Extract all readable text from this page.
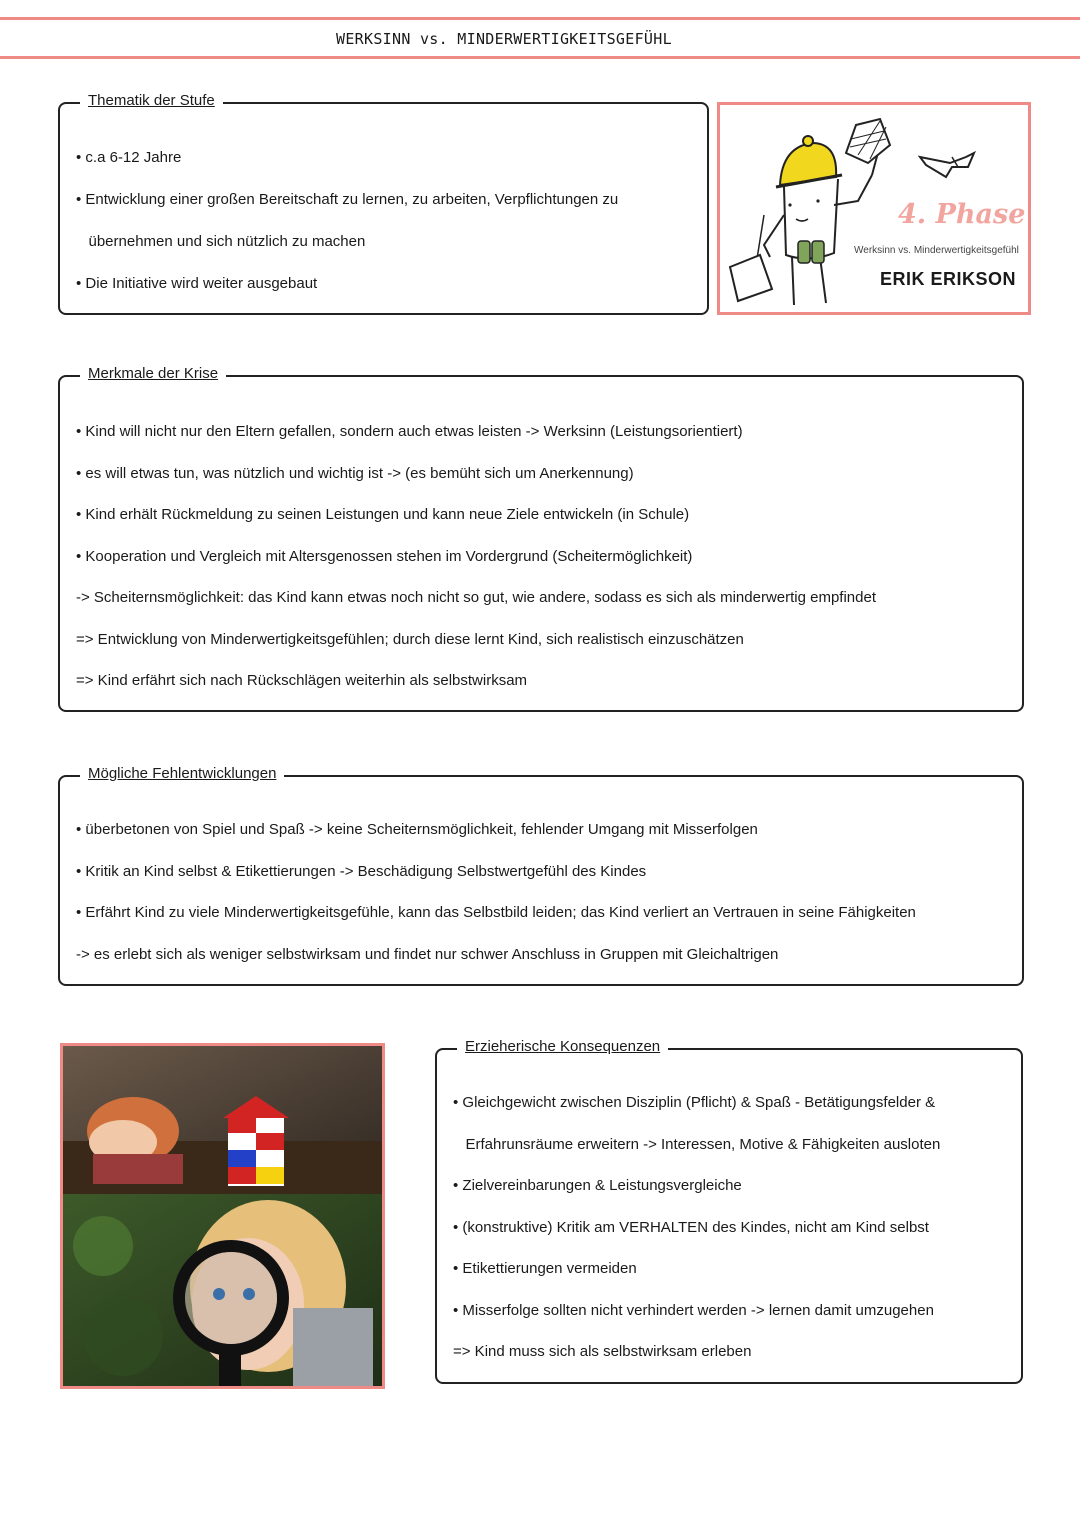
WERKSINN vs. MINDERWERTIGKEITSGEFÜHL
Thematik der Stufe
• c.a 6-12 Jahre
• Entwicklung einer großen Bereitschaft zu lernen, zu arbeiten, Verpflichtungen zu
übernehmen und sich nützlich zu machen
• Die Initiative wird weiter ausgebaut
4. Phase
Werksinn vs. Minderwertigkeitsgefühl
ERIK ERIKSON
Merkmale der Krise
• Kind will nicht nur den Eltern gefallen, sondern auch etwas leisten -> Werksinn (Leistungsorientiert)
• es will etwas tun, was nützlich und wichtig ist -> (es bemüht sich um Anerkennung)
• Kind erhält Rückmeldung zu seinen Leistungen und kann neue Ziele entwickeln (in Schule)
• Kooperation und Vergleich mit Altersgenossen stehen im Vordergrund (Scheitermöglichkeit)
-> Scheiternsmöglichkeit: das Kind kann etwas noch nicht so gut, wie andere, sodass es sich als minderwertig empfindet
=> Entwicklung von Minderwertigkeitsgefühlen; durch diese lernt Kind, sich realistisch einzuschätzen
=> Kind erfährt sich nach Rückschlägen weiterhin als selbstwirksam
Mögliche Fehlentwicklungen
• überbetonen von Spiel und Spaß -> keine Scheiternsmöglichkeit, fehlender Umgang mit Misserfolgen
• Kritik an Kind selbst & Etikettierungen -> Beschädigung Selbstwertgefühl des Kindes
• Erfährt Kind zu viele Minderwertigkeitsgefühle, kann das Selbstbild leiden; das Kind verliert an Vertrauen in seine Fähigkeiten
-> es erlebt sich als weniger selbstwirksam und findet nur schwer Anschluss in Gruppen mit Gleichaltrigen
Erzieherische Konsequenzen
• Gleichgewicht zwischen Disziplin (Pflicht) & Spaß - Betätigungsfelder &
Erfahrunsräume erweitern -> Interessen, Motive & Fähigkeiten ausloten
• Zielvereinbarungen & Leistungsvergleiche
• (konstruktive) Kritik am VERHALTEN des Kindes, nicht am Kind selbst
• Etikettierungen vermeiden
• Misserfolge sollten nicht verhindert werden -> lernen damit umzugehen
=> Kind muss sich als selbstwirksam erleben
